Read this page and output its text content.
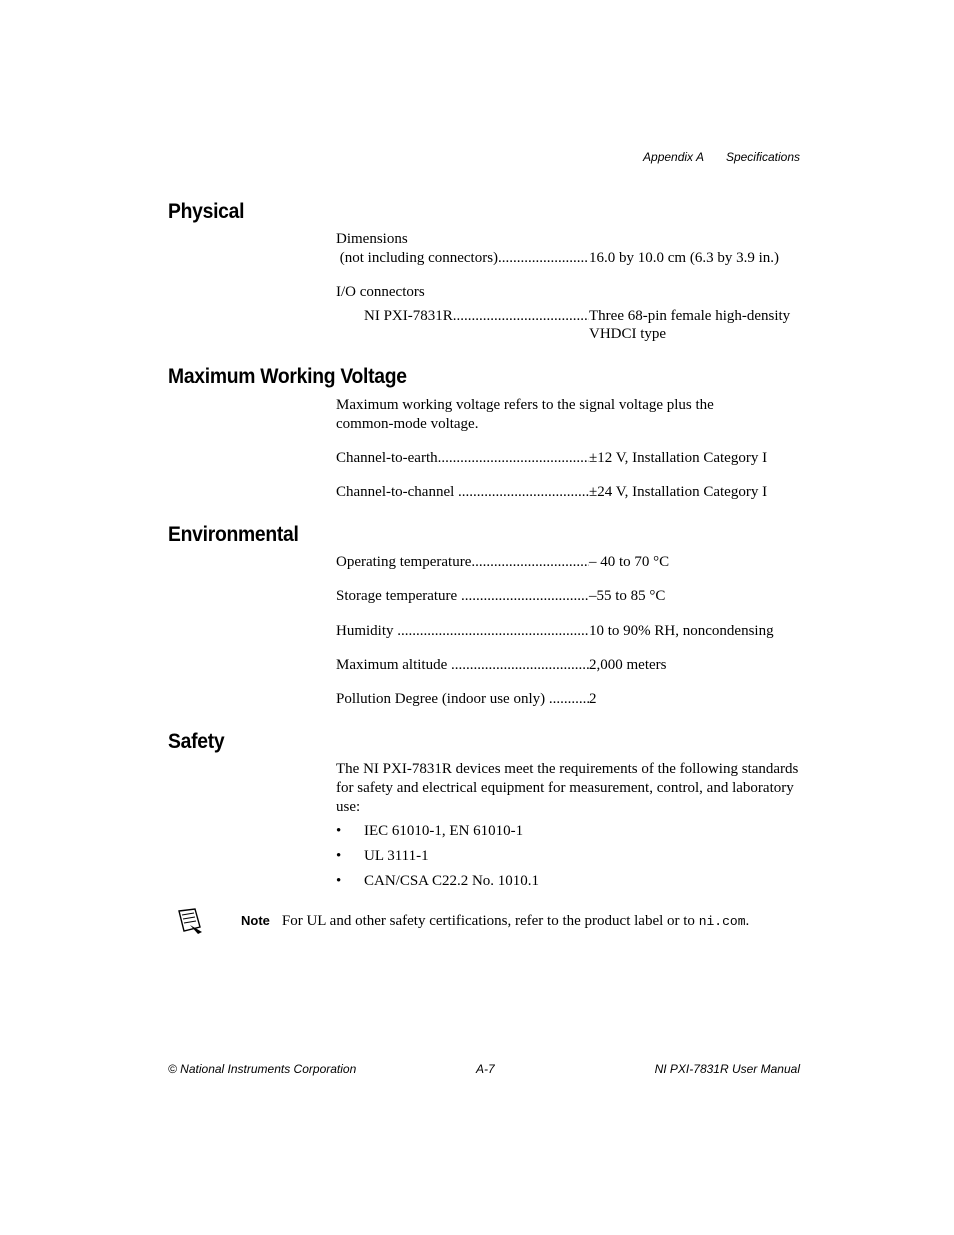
Appendix A Specifications
Physical
Dimensions
(not including connectors) .....	16.0 by 10.0 cm (6.3 by 3.9 in.)
I/O connectors
NI PXI-7831R .....	Three 68-pin female high-density VHDCI type
Maximum Working Voltage
Maximum working voltage refers to the signal voltage plus the common-mode voltage.
Channel-to-earth .....	±12 V, Installation Category I
Channel-to-channel .....	±24 V, Installation Category I
Environmental
Operating temperature .....	– 40 to 70 °C
Storage temperature .....	–55 to 85 °C
Humidity .....	10 to 90% RH, noncondensing
Maximum altitude .....	2,000 meters
Pollution Degree (indoor use only) .....	2
Safety
The NI PXI-7831R devices meet the requirements of the following standards for safety and electrical equipment for measurement, control, and laboratory use:
• IEC 61010-1, EN 61010-1
• UL 3111-1
• CAN/CSA C22.2 No. 1010.1
Note For UL and other safety certifications, refer to the product label or to ni.com.
© National Instruments Corporation	A-7	NI PXI-7831R User Manual
